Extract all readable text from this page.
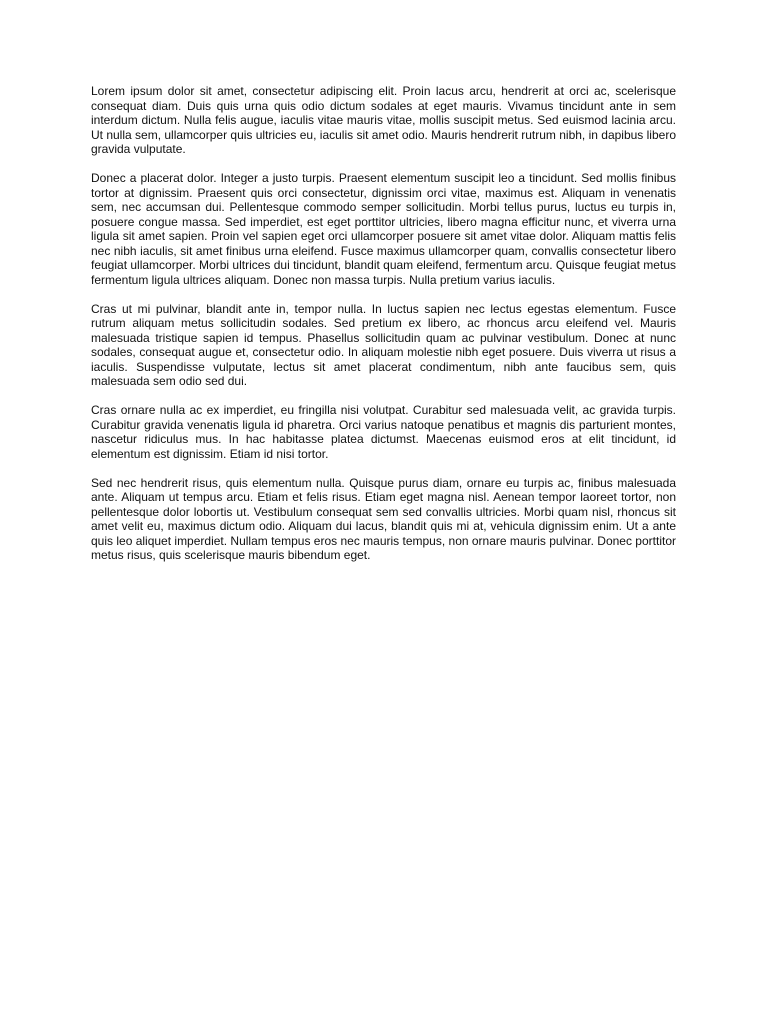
Lorem ipsum dolor sit amet, consectetur adipiscing elit. Proin lacus arcu, hendrerit at orci ac, scelerisque consequat diam. Duis quis urna quis odio dictum sodales at eget mauris. Vivamus tincidunt ante in sem interdum dictum. Nulla felis augue, iaculis vitae mauris vitae, mollis suscipit metus. Sed euismod lacinia arcu. Ut nulla sem, ullamcorper quis ultricies eu, iaculis sit amet odio. Mauris hendrerit rutrum nibh, in dapibus libero gravida vulputate.

Donec a placerat dolor. Integer a justo turpis. Praesent elementum suscipit leo a tincidunt. Sed mollis finibus tortor at dignissim. Praesent quis orci consectetur, dignissim orci vitae, maximus est. Aliquam in venenatis sem, nec accumsan dui. Pellentesque commodo semper sollicitudin. Morbi tellus purus, luctus eu turpis in, posuere congue massa. Sed imperdiet, est eget porttitor ultricies, libero magna efficitur nunc, et viverra urna ligula sit amet sapien. Proin vel sapien eget orci ullamcorper posuere sit amet vitae dolor. Aliquam mattis felis nec nibh iaculis, sit amet finibus urna eleifend. Fusce maximus ullamcorper quam, convallis consectetur libero feugiat ullamcorper. Morbi ultrices dui tincidunt, blandit quam eleifend, fermentum arcu. Quisque feugiat metus fermentum ligula ultrices aliquam. Donec non massa turpis. Nulla pretium varius iaculis.

Cras ut mi pulvinar, blandit ante in, tempor nulla. In luctus sapien nec lectus egestas elementum. Fusce rutrum aliquam metus sollicitudin sodales. Sed pretium ex libero, ac rhoncus arcu eleifend vel. Mauris malesuada tristique sapien id tempus. Phasellus sollicitudin quam ac pulvinar vestibulum. Donec at nunc sodales, consequat augue et, consectetur odio. In aliquam molestie nibh eget posuere. Duis viverra ut risus a iaculis. Suspendisse vulputate, lectus sit amet placerat condimentum, nibh ante faucibus sem, quis malesuada sem odio sed dui.

Cras ornare nulla ac ex imperdiet, eu fringilla nisi volutpat. Curabitur sed malesuada velit, ac gravida turpis. Curabitur gravida venenatis ligula id pharetra. Orci varius natoque penatibus et magnis dis parturient montes, nascetur ridiculus mus. In hac habitasse platea dictumst. Maecenas euismod eros at elit tincidunt, id elementum est dignissim. Etiam id nisi tortor.

Sed nec hendrerit risus, quis elementum nulla. Quisque purus diam, ornare eu turpis ac, finibus malesuada ante. Aliquam ut tempus arcu. Etiam et felis risus. Etiam eget magna nisl. Aenean tempor laoreet tortor, non pellentesque dolor lobortis ut. Vestibulum consequat sem sed convallis ultricies. Morbi quam nisl, rhoncus sit amet velit eu, maximus dictum odio. Aliquam dui lacus, blandit quis mi at, vehicula dignissim enim. Ut a ante quis leo aliquet imperdiet. Nullam tempus eros nec mauris tempus, non ornare mauris pulvinar. Donec porttitor metus risus, quis scelerisque mauris bibendum eget.
